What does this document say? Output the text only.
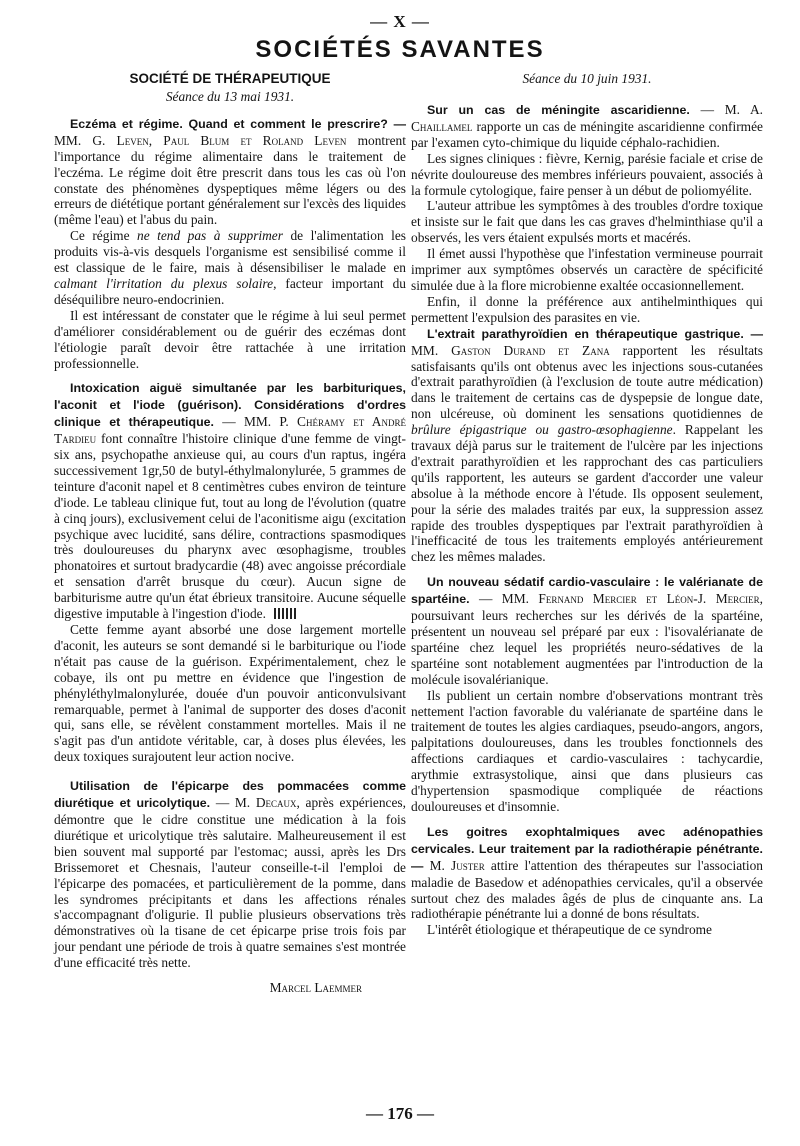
— X —
SOCIÉTÉS SAVANTES

SOCIÉTÉ DE THÉRAPEUTIQUE

Séance du 13 mai 1931.

Eczéma et régime. Quand et comment le prescrire? — MM. G. Leven, Paul Blum et Roland Leven montrent l'importance du régime alimentaire dans le traitement de l'eczéma. Le régime doit être prescrit dans tous les cas où l'on constate des phénomènes dyspeptiques même légers ou des erreurs de diététique portant généralement sur l'excès des liquides (même l'eau) et l'abus du pain.

Ce régime ne tend pas à supprimer de l'alimentation les produits vis-à-vis desquels l'organisme est sensibilisé comme il est classique de le faire, mais à désensibiliser le malade en calmant l'irritation du plexus solaire, facteur important du déséquilibre neuro-endocrinien.

Il est intéressant de constater que le régime à lui seul permet d'améliorer considérablement ou de guérir des eczémas dont l'étiologie paraît devoir être rattachée à une irritation professionnelle.

Intoxication aiguë simultanée par les barbituriques, l'aconit et l'iode (guérison). Considérations d'ordres clinique et thérapeutique. — MM. P. Chéramy et André Tardieu font connaître l'histoire clinique d'une femme de vingt-six ans, psychopathe anxieuse qui, au cours d'un raptus, ingéra successivement 1gr,50 de butyl-éthylmalonylurée, 5 grammes de teinture d'aconit napel et 8 centimètres cubes environ de teinture d'iode. Le tableau clinique fut, tout au long de l'évolution (quatre à cinq jours), exclusivement celui de l'aconitisme aigu (excitation psychique avec lucidité, sans délire, contractions spasmodiques très douloureuses du pharynx avec œsophagisme, troubles phonatoires et surtout bradycardie (48) avec angoisse précordiale et sensation d'arrêt brusque du cœur). Aucun signe de barbiturisme autre qu'un état ébrieux transitoire. Aucune séquelle digestive imputable à l'ingestion d'iode.

Cette femme ayant absorbé une dose largement mortelle d'aconit, les auteurs se sont demandé si le barbiturique ou l'iode n'était pas cause de la guérison. Expérimentalement, chez le cobaye, ils ont pu mettre en évidence que l'ingestion de phényléthylmalonylurée, douée d'un pouvoir anticonvulsivant remarquable, permet à l'animal de supporter des doses d'aconit qui, sans elle, se révèlent constamment mortelles. Mais il ne s'agit pas d'un antidote véritable, car, à doses plus élevées, les deux toxiques surajoutent leur action nocive.

Utilisation de l'épicarpe des pommacées comme diurétique et uricolytique. — M. Decaux, après expériences, démontre que le cidre constitue une médication à la fois diurétique et uricolytique très salutaire. Malheureusement il est bien souvent mal supporté par l'estomac; aussi, après les Drs Brissemoret et Chesnais, l'auteur conseille-t-il l'emploi de l'épicarpe des pomacées, et particulièrement de la pomme, dans les syndromes précipitants et dans les affections rénales s'accompagnant d'oligurie. Il publie plusieurs observations très démonstratives où la tisane de cet épicarpe prise trois fois par jour pendant une période de trois à quatre semaines s'est montrée d'une efficacité très nette.

Marcel Laemmer

Séance du 10 juin 1931.

Sur un cas de méningite ascaridienne. — M. A. Chaillamel rapporte un cas de méningite ascaridienne confirmée par l'examen cyto-chimique du liquide céphalo-rachidien.

Les signes cliniques : fièvre, Kernig, parésie faciale et crise de névrite douloureuse des membres inférieurs pouvaient, associés à la formule cytologique, faire penser à un début de poliomyélite.

L'auteur attribue les symptômes à des troubles d'ordre toxique et insiste sur le fait que dans les cas graves d'helminthiase qu'il a observés, les vers étaient expulsés morts et macérés.

Il émet aussi l'hypothèse que l'infestation vermineuse pourrait imprimer aux symptômes observés un caractère de spécificité simulée due à la flore microbienne exaltée occasionnellement.

Enfin, il donne la préférence aux antihelminthiques qui permettent l'expulsion des parasites en vie.

L'extrait parathyroïdien en thérapeutique gastrique. — MM. Gaston Durand et Zana rapportent les résultats satisfaisants qu'ils ont obtenus avec les injections sous-cutanées d'extrait parathyroïdien (à l'exclusion de toute autre médication) dans le traitement de certains cas de dyspepsie de longue date, non ulcéreuse, où dominent les sensations quotidiennes de brûlure épigastrique ou gastro-œsophagienne. Rappelant les travaux déjà parus sur le traitement de l'ulcère par les injections d'extrait parathyroïdien et les rapprochant des cas particuliers qu'ils rapportent, les auteurs se gardent d'accorder une valeur absolue à la méthode encore à l'étude. Ils opposent seulement, pour la série des malades traités par eux, la suppression assez rapide des troubles dyspeptiques par l'extrait parathyroïdien à l'inefficacité de tous les traitements employés antérieurement chez les mêmes malades.

Un nouveau sédatif cardio-vasculaire : le valérianate de spartéine. — MM. Fernand Mercier et Léon-J. Mercier, poursuivant leurs recherches sur les dérivés de la spartéine, présentent un nouveau sel préparé par eux : l'isovalérianate de spartéine chez lequel les propriétés neuro-sédatives de la spartéine sont notablement augmentées par l'introduction de la molécule isovalérianique.

Ils publient un certain nombre d'observations montrant très nettement l'action favorable du valérianate de spartéine dans le traitement de toutes les algies cardiaques, pseudo-angors, angors, palpitations douloureuses, dans les troubles fonctionnels des affections cardiaques et cardio-vasculaires : tachycardie, arythmie extrasystolique, ainsi que dans plusieurs cas d'hypertension spasmodique compliquée de réactions douloureuses et d'insomnie.

Les goitres exophtalmiques avec adénopathies cervicales. Leur traitement par la radiothérapie pénétrante. — M. Juster attire l'attention des thérapeutes sur l'association maladie de Basedow et adénopathies cervicales, qu'il a observée surtout chez des malades âgés de plus de cinquante ans. La radiothérapie pénétrante lui a donné de bons résultats.

L'intérêt étiologique et thérapeutique de ce syndrome

— 176 —
